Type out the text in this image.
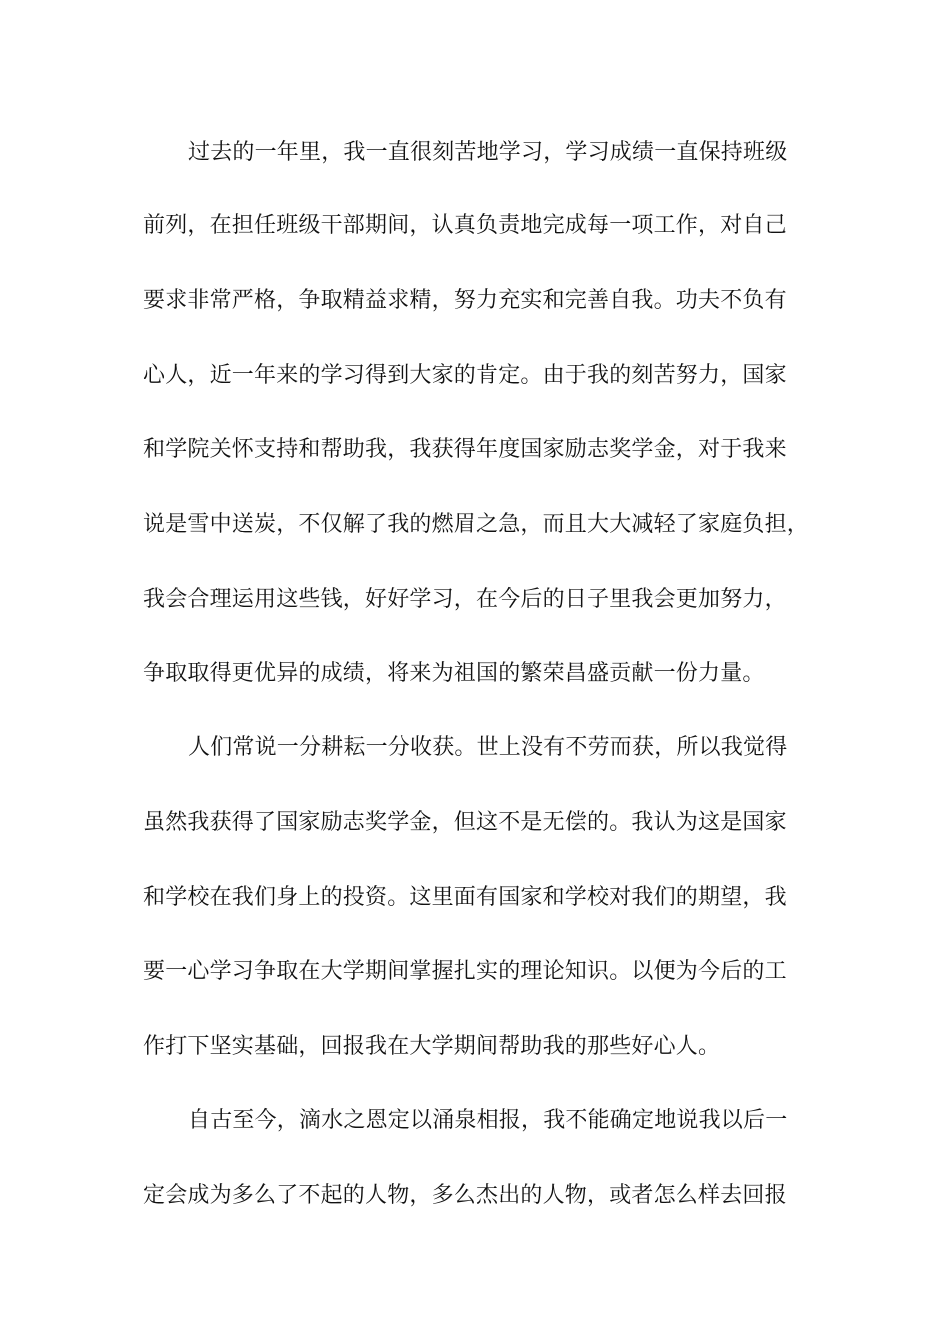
过去的一年里，我一直很刻苦地学习，学习成绩一直保持班级
前列，在担任班级干部期间，认真负责地完成每一项工作，对自己
要求非常严格，争取精益求精，努力充实和完善自我。功夫不负有
心人，近一年来的学习得到大家的肯定。由于我的刻苦努力，国家
和学院关怀支持和帮助我，我获得年度国家励志奖学金，对于我来
说是雪中送炭，不仅解了我的燃眉之急，而且大大减轻了家庭负担，
我会合理运用这些钱，好好学习，在今后的日子里我会更加努力，
争取取得更优异的成绩，将来为祖国的繁荣昌盛贡献一份力量。
人们常说一分耕耘一分收获。世上没有不劳而获，所以我觉得
虽然我获得了国家励志奖学金，但这不是无偿的。我认为这是国家
和学校在我们身上的投资。这里面有国家和学校对我们的期望，我
要一心学习争取在大学期间掌握扎实的理论知识。以便为今后的工
作打下坚实基础，回报我在大学期间帮助我的那些好心人。
自古至今，滴水之恩定以涌泉相报，我不能确定地说我以后一
定会成为多么了不起的人物，多么杰出的人物，或者怎么样去回报
